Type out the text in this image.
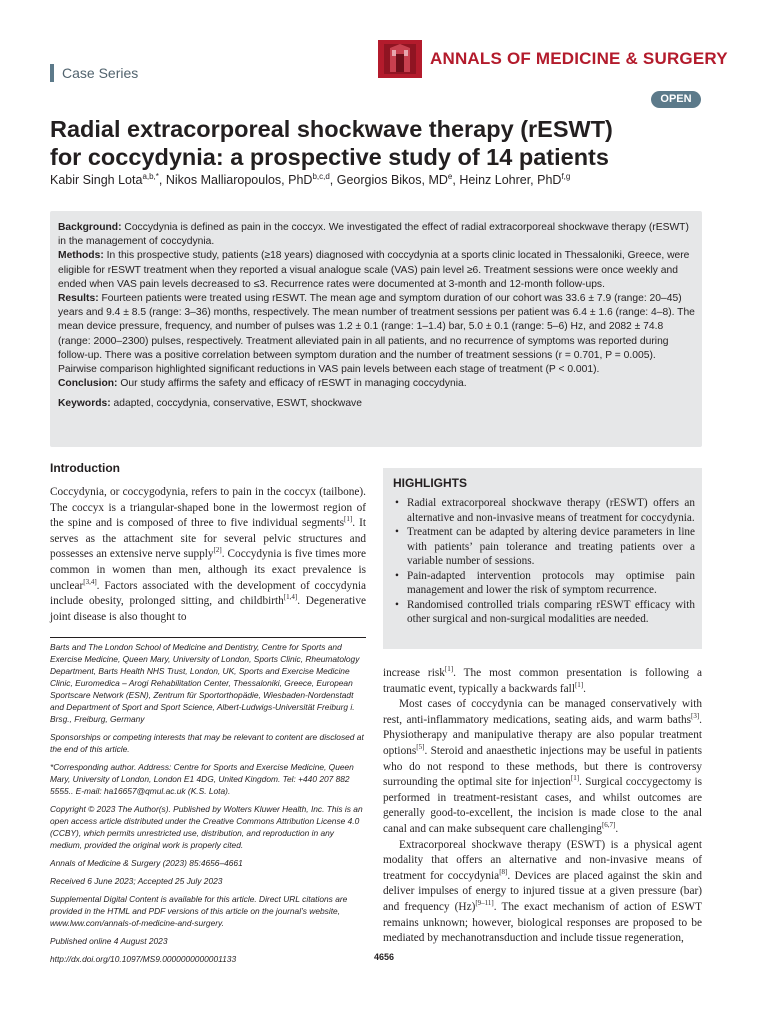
Case Series
ANNALS OF MEDICINE & SURGERY
OPEN
Radial extracorporeal shockwave therapy (rESWT)
for coccydynia: a prospective study of 14 patients
Kabir Singh Lota$^{a,b,*}$, Nikos Malliaropoulos, PhD$^{b,c,d}$, Georgios Bikos, MDe, Heinz Lohrer, PhD$^{f,g}$

Background: Coccydynia is defined as pain in the coccyx. We investigated the effect of radial extracorporeal shockwave therapy (rESWT) in the management of coccydynia.

Methods: In this prospective study, patients (≥18 years) diagnosed with coccydynia at a sports clinic located in Thessaloniki, Greece, were eligible for rESWT treatment when they reported a visual analogue scale (VAS) pain level ≥6. Treatment sessions were once weekly and ended when VAS pain levels decreased to ≤3. Recurrence rates were documented at 3-month and 12-month follow-ups.

Results: Fourteen patients were treated using rESWT. The mean age and symptom duration of our cohort was 33.6 ± 7.9 (range: 20–45) years and 9.4 ± 8.5 (range: 3–36) months, respectively. The mean number of treatment sessions per patient was 6.4 ± 1.6 (range: 4–8). The mean device pressure, frequency, and number of pulses was 1.2 ± 0.1 (range: 1–1.4) bar, 5.0 ± 0.1 (range: 5–6) Hz, and 2082 ± 74.8 (range: 2000–2300) pulses, respectively. Treatment alleviated pain in all patients, and no recurrence of symptoms was reported during follow-up. There was a positive correlation between symptom duration and the number of treatment sessions (r = 0.701, P = 0.005). Pairwise comparison highlighted significant reductions in VAS pain levels between each stage of treatment (P < 0.001).

Conclusion: Our study affirms the safety and efficacy of rESWT in managing coccydynia.

Keywords: adapted, coccydynia, conservative, ESWT, shockwave

Introduction

Coccydynia, or coccygodynia, refers to pain in the coccyx (tailbone). The coccyx is a triangular-shaped bone in the lowermost region of the spine and is composed of three to five individual segments[1]. It serves as the attachment site for several pelvic structures and possesses an extensive nerve supply[2]. Coccydynia is five times more common in women than men, although its exact prevalence is unclear[3,4]. Factors associated with the development of coccydynia include obesity, prolonged sitting, and childbirth[1,4]. Degenerative joint disease is also thought to

HIGHLIGHTS
• Radial extracorporeal shockwave therapy (rESWT) offers an alternative and non-invasive means of treatment for coccydynia.
• Treatment can be adapted by altering device parameters in line with patients’ pain tolerance and treating patients over a variable number of sessions.
• Pain-adapted intervention protocols may optimise pain management and lower the risk of symptom recurrence.
• Randomised controlled trials comparing rESWT efficacy with other surgical and non-surgical modalities are needed.

Barts and The London School of Medicine and Dentistry, Centre for Sports and Exercise Medicine, Queen Mary, University of London, Sports Clinic, Rheumatology Department, Barts Health NHS Trust, London, UK, Sports and Exercise Medicine Clinic, Euromedica – Arogi Rehabilitation Center, Thessaloniki, Greece, European Sportscare Network (ESN), Zentrum für Sportorthopädie, Wiesbaden-Nordenstadt and Department of Sport and Sport Science, Albert-Ludwigs-Universität Freiburg i. Brsg., Freiburg, Germany

Sponsorships or competing interests that may be relevant to content are disclosed at the end of this article.

*Corresponding author. Address: Centre for Sports and Exercise Medicine, Queen Mary, University of London, London E1 4DG, United Kingdom. Tel: +440 207 882 5555.. E-mail: ha16657@qmul.ac.uk (K.S. Lota).

Copyright © 2023 The Author(s). Published by Wolters Kluwer Health, Inc. This is an open access article distributed under the Creative Commons Attribution License 4.0 (CCBY), which permits unrestricted use, distribution, and reproduction in any medium, provided the original work is properly cited.

Annals of Medicine & Surgery (2023) 85:4656–4661

Received 6 June 2023; Accepted 25 July 2023

Supplemental Digital Content is available for this article. Direct URL citations are provided in the HTML and PDF versions of this article on the journal’s website, www.lww.com/annals-of-medicine-and-surgery.

Published online 4 August 2023

http://dx.doi.org/10.1097/MS9.0000000000001133

increase risk[1]. The most common presentation is following a traumatic event, typically a backwards fall[1].

Most cases of coccydynia can be managed conservatively with rest, anti-inflammatory medications, seating aids, and warm baths[3]. Physiotherapy and manipulative therapy are also popular treatment options[5]. Steroid and anaesthetic injections may be useful in patients who do not respond to these methods, but there is controversy surrounding the optimal site for injection[1]. Surgical coccygectomy is performed in treatment-resistant cases, and whilst outcomes are generally good-to-excellent, the incision is made close to the anal canal and can make subsequent care challenging[6,7].

Extracorporeal shockwave therapy (ESWT) is a physical agent modality that offers an alternative and non-invasive means of treatment for coccydynia[8]. Devices are placed against the skin and deliver impulses of energy to injured tissue at a given pressure (bar) and frequency (Hz)[9–11]. The exact mechanism of action of ESWT remains unknown; however, biological responses are proposed to be mediated by mechanotransduction and include tissue regeneration,

4656
